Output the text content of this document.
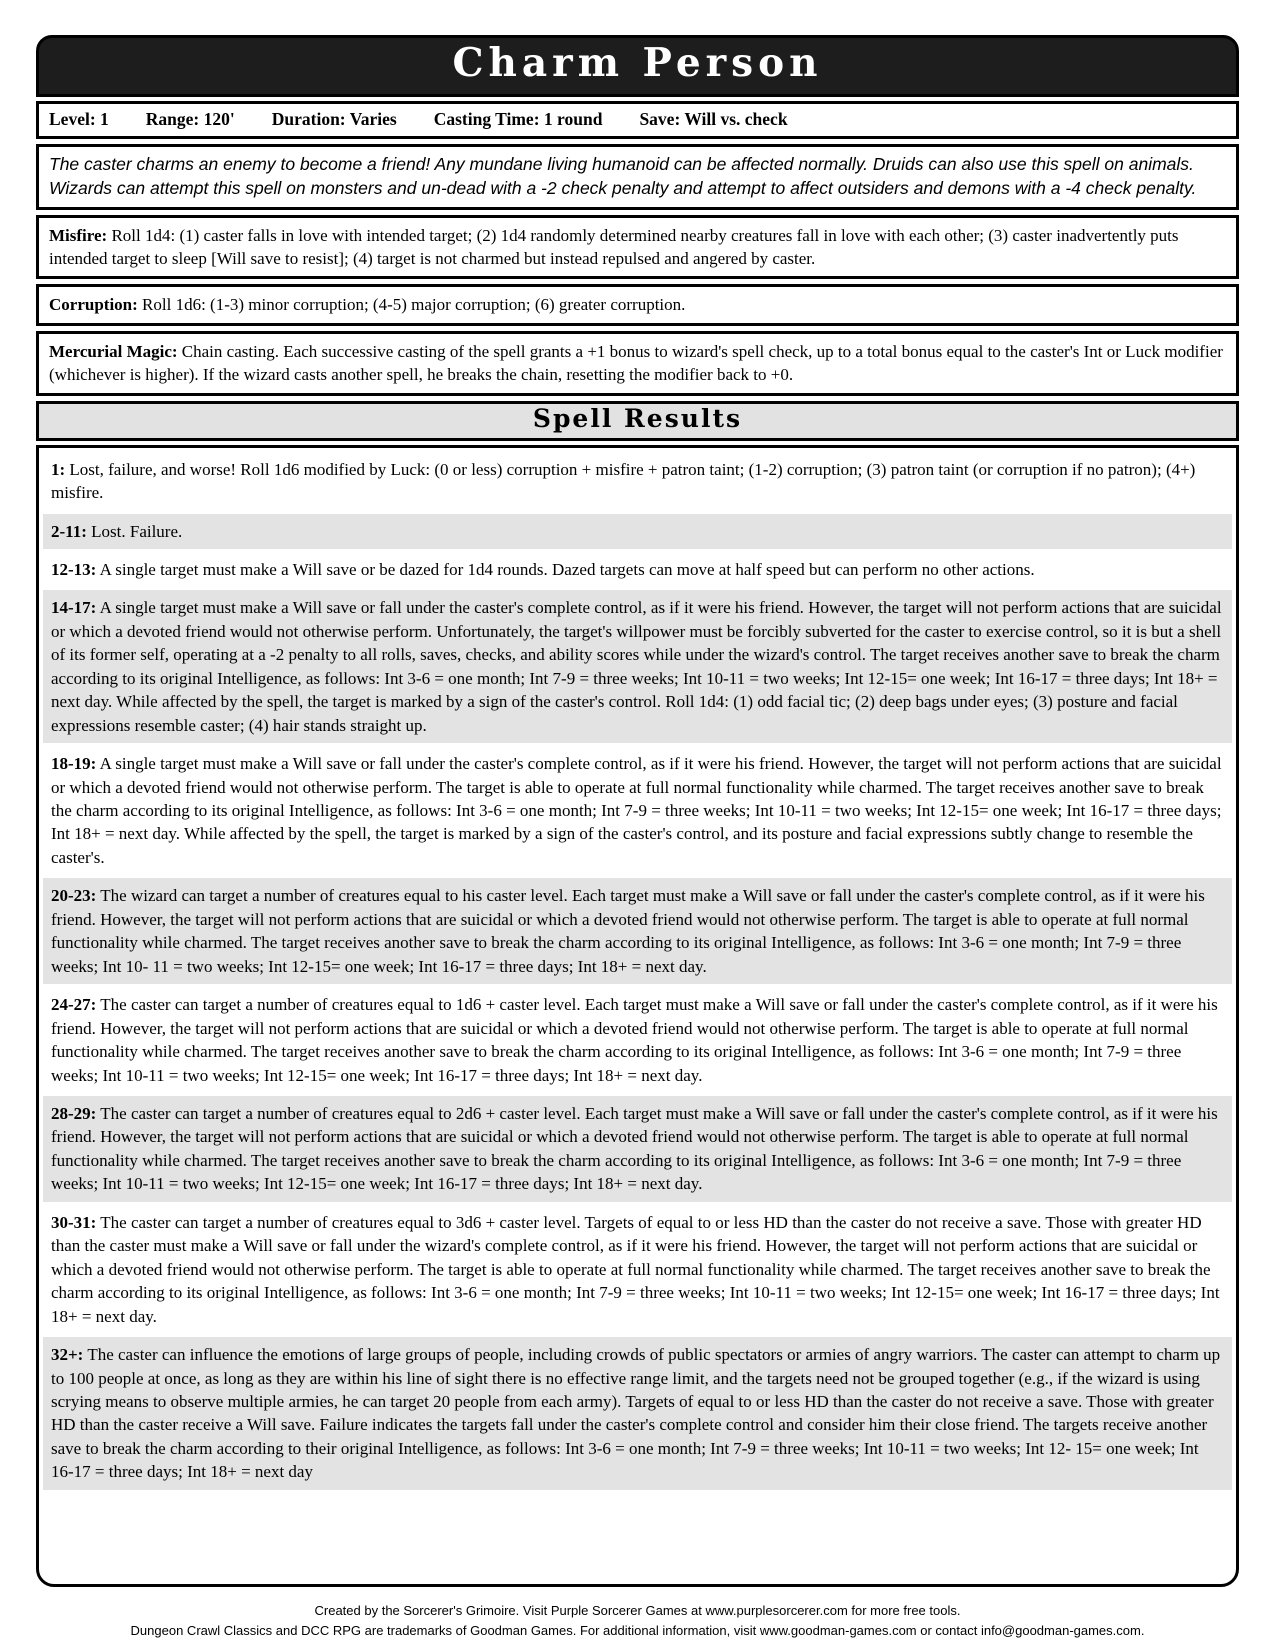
Charm Person
Level: 1 Range: 120' Duration: Varies Casting Time: 1 round Save: Will vs. check
The caster charms an enemy to become a friend! Any mundane living humanoid can be affected normally. Druids can also use this spell on animals. Wizards can attempt this spell on monsters and un-dead with a -2 check penalty and attempt to affect outsiders and demons with a -4 check penalty.
Misfire: Roll 1d4: (1) caster falls in love with intended target; (2) 1d4 randomly determined nearby creatures fall in love with each other; (3) caster inadvertently puts intended target to sleep [Will save to resist]; (4) target is not charmed but instead repulsed and angered by caster.
Corruption: Roll 1d6: (1-3) minor corruption; (4-5) major corruption; (6) greater corruption.
Mercurial Magic: Chain casting. Each successive casting of the spell grants a +1 bonus to wizard's spell check, up to a total bonus equal to the caster's Int or Luck modifier (whichever is higher). If the wizard casts another spell, he breaks the chain, resetting the modifier back to +0.
Spell Results
1: Lost, failure, and worse! Roll 1d6 modified by Luck: (0 or less) corruption + misfire + patron taint; (1-2) corruption; (3) patron taint (or corruption if no patron); (4+) misfire.
2-11: Lost. Failure.
12-13: A single target must make a Will save or be dazed for 1d4 rounds. Dazed targets can move at half speed but can perform no other actions.
14-17: A single target must make a Will save or fall under the caster's complete control, as if it were his friend. However, the target will not perform actions that are suicidal or which a devoted friend would not otherwise perform. Unfortunately, the target's willpower must be forcibly subverted for the caster to exercise control, so it is but a shell of its former self, operating at a -2 penalty to all rolls, saves, checks, and ability scores while under the wizard's control. The target receives another save to break the charm according to its original Intelligence, as follows: Int 3-6 = one month; Int 7-9 = three weeks; Int 10-11 = two weeks; Int 12-15= one week; Int 16-17 = three days; Int 18+ = next day. While affected by the spell, the target is marked by a sign of the caster's control. Roll 1d4: (1) odd facial tic; (2) deep bags under eyes; (3) posture and facial expressions resemble caster; (4) hair stands straight up.
18-19: A single target must make a Will save or fall under the caster's complete control, as if it were his friend. However, the target will not perform actions that are suicidal or which a devoted friend would not otherwise perform. The target is able to operate at full normal functionality while charmed. The target receives another save to break the charm according to its original Intelligence, as follows: Int 3-6 = one month; Int 7-9 = three weeks; Int 10-11 = two weeks; Int 12-15= one week; Int 16-17 = three days; Int 18+ = next day. While affected by the spell, the target is marked by a sign of the caster's control, and its posture and facial expressions subtly change to resemble the caster's.
20-23: The wizard can target a number of creatures equal to his caster level. Each target must make a Will save or fall under the caster's complete control, as if it were his friend. However, the target will not perform actions that are suicidal or which a devoted friend would not otherwise perform. The target is able to operate at full normal functionality while charmed. The target receives another save to break the charm according to its original Intelligence, as follows: Int 3-6 = one month; Int 7-9 = three weeks; Int 10- 11 = two weeks; Int 12-15= one week; Int 16-17 = three days; Int 18+ = next day.
24-27: The caster can target a number of creatures equal to 1d6 + caster level. Each target must make a Will save or fall under the caster's complete control, as if it were his friend. However, the target will not perform actions that are suicidal or which a devoted friend would not otherwise perform. The target is able to operate at full normal functionality while charmed. The target receives another save to break the charm according to its original Intelligence, as follows: Int 3-6 = one month; Int 7-9 = three weeks; Int 10-11 = two weeks; Int 12-15= one week; Int 16-17 = three days; Int 18+ = next day.
28-29: The caster can target a number of creatures equal to 2d6 + caster level. Each target must make a Will save or fall under the caster's complete control, as if it were his friend. However, the target will not perform actions that are suicidal or which a devoted friend would not otherwise perform. The target is able to operate at full normal functionality while charmed. The target receives another save to break the charm according to its original Intelligence, as follows: Int 3-6 = one month; Int 7-9 = three weeks; Int 10-11 = two weeks; Int 12-15= one week; Int 16-17 = three days; Int 18+ = next day.
30-31: The caster can target a number of creatures equal to 3d6 + caster level. Targets of equal to or less HD than the caster do not receive a save. Those with greater HD than the caster must make a Will save or fall under the wizard's complete control, as if it were his friend. However, the target will not perform actions that are suicidal or which a devoted friend would not otherwise perform. The target is able to operate at full normal functionality while charmed. The target receives another save to break the charm according to its original Intelligence, as follows: Int 3-6 = one month; Int 7-9 = three weeks; Int 10-11 = two weeks; Int 12-15= one week; Int 16-17 = three days; Int 18+ = next day.
32+: The caster can influence the emotions of large groups of people, including crowds of public spectators or armies of angry warriors. The caster can attempt to charm up to 100 people at once, as long as they are within his line of sight there is no effective range limit, and the targets need not be grouped together (e.g., if the wizard is using scrying means to observe multiple armies, he can target 20 people from each army). Targets of equal to or less HD than the caster do not receive a save. Those with greater HD than the caster receive a Will save. Failure indicates the targets fall under the caster's complete control and consider him their close friend. The targets receive another save to break the charm according to their original Intelligence, as follows: Int 3-6 = one month; Int 7-9 = three weeks; Int 10-11 = two weeks; Int 12- 15= one week; Int 16-17 = three days; Int 18+ = next day
Created by the Sorcerer's Grimoire. Visit Purple Sorcerer Games at www.purplesorcerer.com for more free tools.
Dungeon Crawl Classics and DCC RPG are trademarks of Goodman Games. For additional information, visit www.goodman-games.com or contact info@goodman-games.com.
